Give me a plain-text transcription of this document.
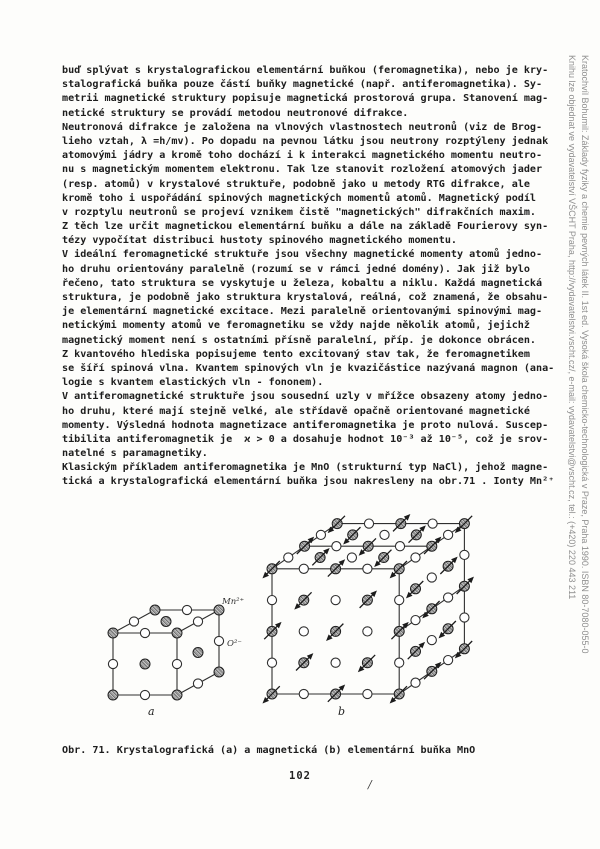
buď splývat s krystalografickou elementární buňkou (feromagnetika), nebo je kry-
stalografická buňka pouze částí buňky magnetické (např. antiferomagnetika). Sy-
metrii magnetické struktury popisuje magnetická prostorová grupa. Stanovení mag-
netické struktury se provádí metodou neutronové difrakce.
Neutronová difrakce je založena na vlnových vlastnostech neutronů (viz de Brog-
lieho vztah, λ =h/mv). Po dopadu na pevnou látku jsou neutrony rozptýleny jednak
atomovými jádry a kromě toho dochází i k interakci magnetického momentu neutro-
nu s magnetickým momentem elektronu. Tak lze stanovit rozložení atomových jader
(resp. atomů) v krystalové struktuře, podobně jako u metody RTG difrakce, ale
kromě toho i uspořádání spinových magnetických momentů atomů. Magnetický podíl
v rozptylu neutronů se projeví vznikem čistě "magnetických" difrakčních maxim.
Z těch lze určit magnetickou elementární buňku a dále na základě Fourierovy syn-
tézy vypočítat distribuci hustoty spinového magnetického momentu.
V ideální feromagnetické struktuře jsou všechny magnetické momenty atomů jedno-
ho druhu orientovány paralelně (rozumí se v rámci jedné domény). Jak již bylo
řečeno, tato struktura se vyskytuje u železa, kobaltu a niklu. Každá magnetická
struktura, je podobně jako struktura krystalová, reálná, což znamená, že obsahu-
je elementární magnetické excitace. Mezi paralelně orientovanými spinovými mag-
netickými momenty atomů ve feromagnetiku se vždy najde několik atomů, jejichž
magnetický moment není s ostatními přísně paralelní, příp. je dokonce obrácen.
Z kvantového hlediska popisujeme tento excitovaný stav tak, že feromagnetikem
se šíří spinová vlna. Kvantem spinových vln je kvazičástice nazývaná magnon (ana-
logie s kvantem elastických vln - fononem).
V antiferomagnetické struktuře jsou sousední uzly v mřížce obsazeny atomy jedno-
ho druhu, které mají stejně velké, ale střídavě opačně orientované magnetické
momenty. Výsledná hodnota magnetizace antiferomagnetika je proto nulová. Suscep-
tibilita antiferomagnetik je  ϰ > 0 a dosahuje hodnot 10⁻³ až 10⁻⁵, což je srov-
natelné s paramagnetiky.
Klasickým příkladem antiferomagnetika je MnO (strukturní typ NaCl), jehož magne-
tická a krystalografická elementární buňka jsou nakresleny na obr.71 . Ionty Mn²⁺
Mn²⁺
O²⁻
a	b
Obr. 71. Krystalografická (a) a magnetická (b) elementární buňka MnO
102
/
Kratochvíl Bohumil: Základy fyziky a chemie pevných látek II. 1st ed. Vysoká škola chemicko-technologická v Praze, Praha 1990. ISBN 80-7080-055-0
Knihu lze objednat ve vydavatelství VŠCHT Praha, http://vydavatelstvi.vscht.cz/, e-mail: vydavatelstvi@vscht.cz, tel.: (+420) 220 443 211
